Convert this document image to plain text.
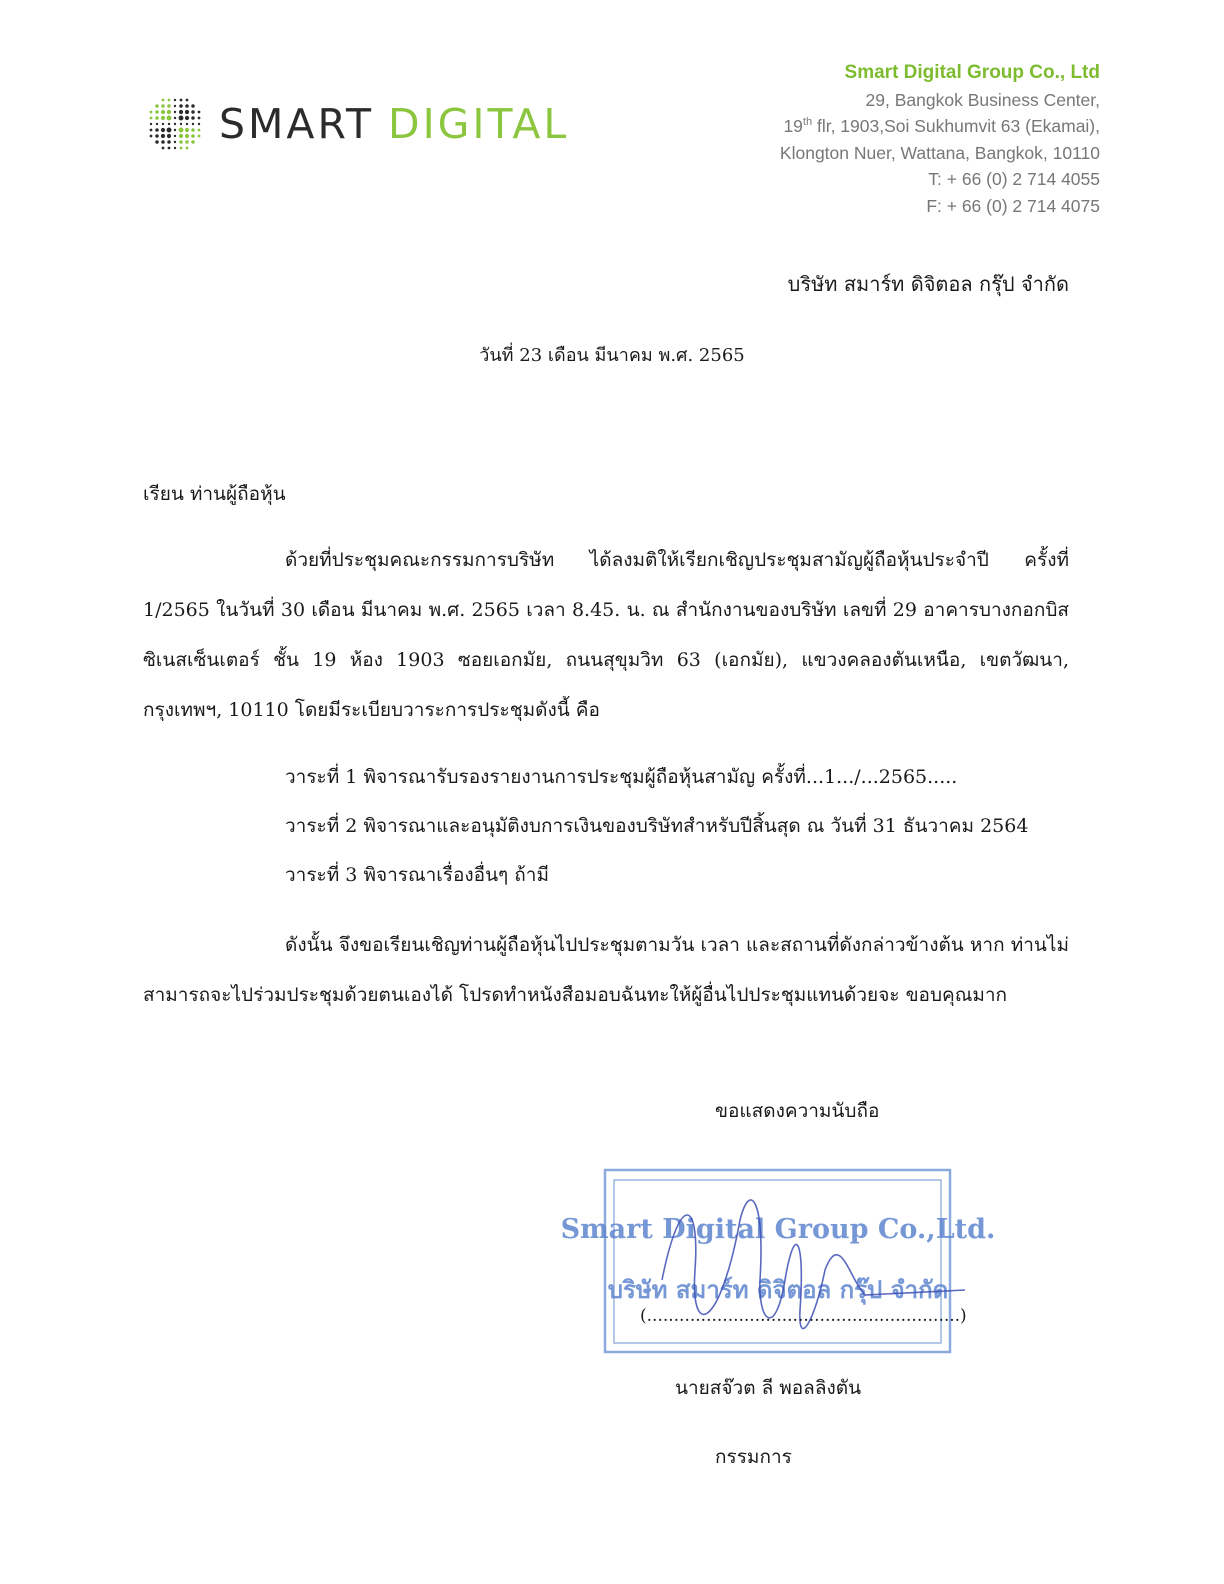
SMART DIGITAL
Smart Digital Group Co., Ltd
29, Bangkok Business Center,
19th flr, 1903,Soi Sukhumvit 63 (Ekamai),
Klongton Nuer, Wattana, Bangkok, 10110
T: + 66 (0) 2 714 4055
F: + 66 (0) 2 714 4075
บริษัท สมาร์ท ดิจิตอล กรุ๊ป จำกัด
วันที่ 23 เดือน มีนาคม พ.ศ. 2565
เรียน ท่านผู้ถือหุ้น
ด้วยที่ประชุมคณะกรรมการบริษัท ได้ลงมติให้เรียกเชิญประชุมสามัญผู้ถือหุ้นประจำปี ครั้งที่ 1/2565 ในวันที่ 30 เดือน มีนาคม พ.ศ. 2565 เวลา 8.45. น. ณ สำนักงานของบริษัท เลขที่ 29 อาคารบางกอกบิสซิเนสเซ็นเตอร์ ชั้น 19 ห้อง 1903 ซอยเอกมัย, ถนนสุขุมวิท 63 (เอกมัย), แขวงคลองตันเหนือ, เขตวัฒนา, กรุงเทพฯ, 10110 โดยมีระเบียบวาระการประชุมดังนี้ คือ
วาระที่ 1 พิจารณารับรองรายงานการประชุมผู้ถือหุ้นสามัญ ครั้งที่...1.../...2565.....
วาระที่ 2 พิจารณาและอนุมัติงบการเงินของบริษัทสำหรับปีสิ้นสุด ณ วันที่ 31 ธันวาคม 2564
วาระที่ 3 พิจารณาเรื่องอื่นๆ ถ้ามี
ดังนั้น จึงขอเรียนเชิญท่านผู้ถือหุ้นไปประชุมตามวัน เวลา และสถานที่ดังกล่าวข้างต้น หาก ท่านไม่สามารถจะไปร่วมประชุมด้วยตนเองได้ โปรดทำหนังสือมอบฉันทะให้ผู้อื่นไปประชุมแทนด้วยจะ ขอบคุณมาก
ขอแสดงความนับถือ
Smart Digital Group Co.,Ltd.
บริษัท สมาร์ท ดิจิตอล กรุ๊ป จำกัด
(..........................................................)
นายสจ๊วต ลี พอลลิงตัน
กรรมการ
